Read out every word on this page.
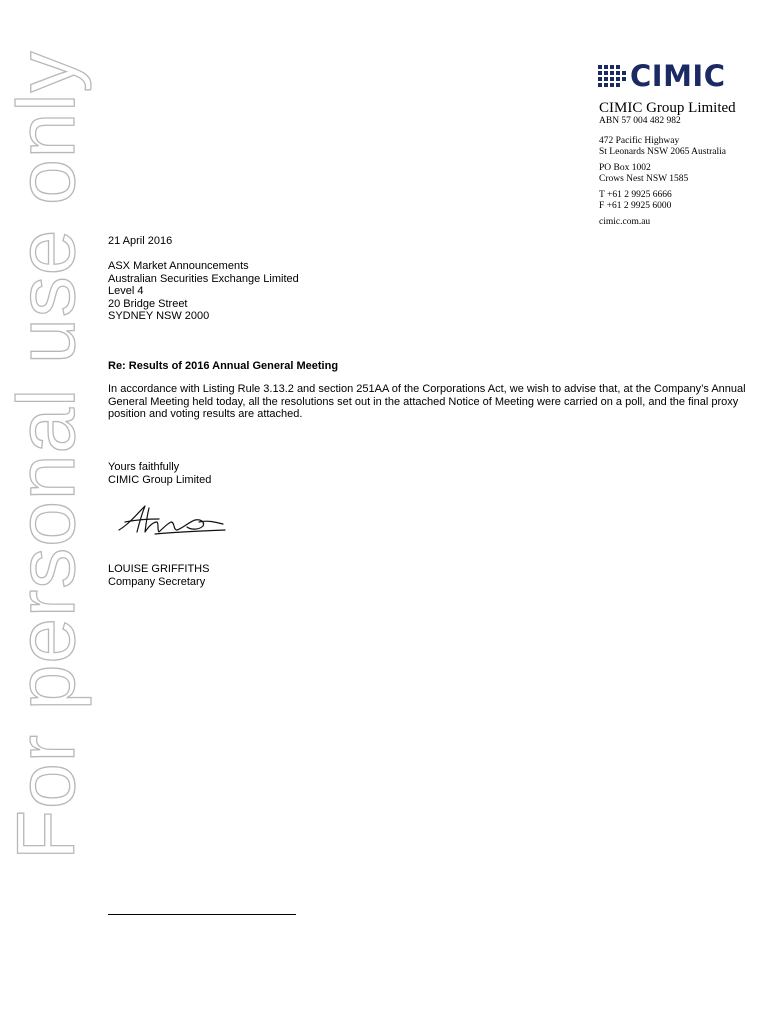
For personal use only	CIMIC

CIMIC Group Limited

ABN 57 004 482 982

472 Pacific Highway

St Leonards NSW 2065 Australia

PO Box 1002

Crows Nest NSW 1585

T +61 2 9925 6666

F +61 2 9925 6000

cimic.com.au

21 April 2016

ASX Market Announcements

Australian Securities Exchange Limited

Level 4

20 Bridge Street

SYDNEY NSW 2000

Re: Results of 2016 Annual General Meeting

In accordance with Listing Rule 3.13.2 and section 251AA of the Corporations Act, we wish to advise that, at the Company’s Annual General Meeting held today, all the resolutions set out in the attached Notice of Meeting were carried on a poll, and the final proxy position and voting results are attached.

Yours faithfully

CIMIC Group Limited

LOUISE GRIFFITHS

Company Secretary
